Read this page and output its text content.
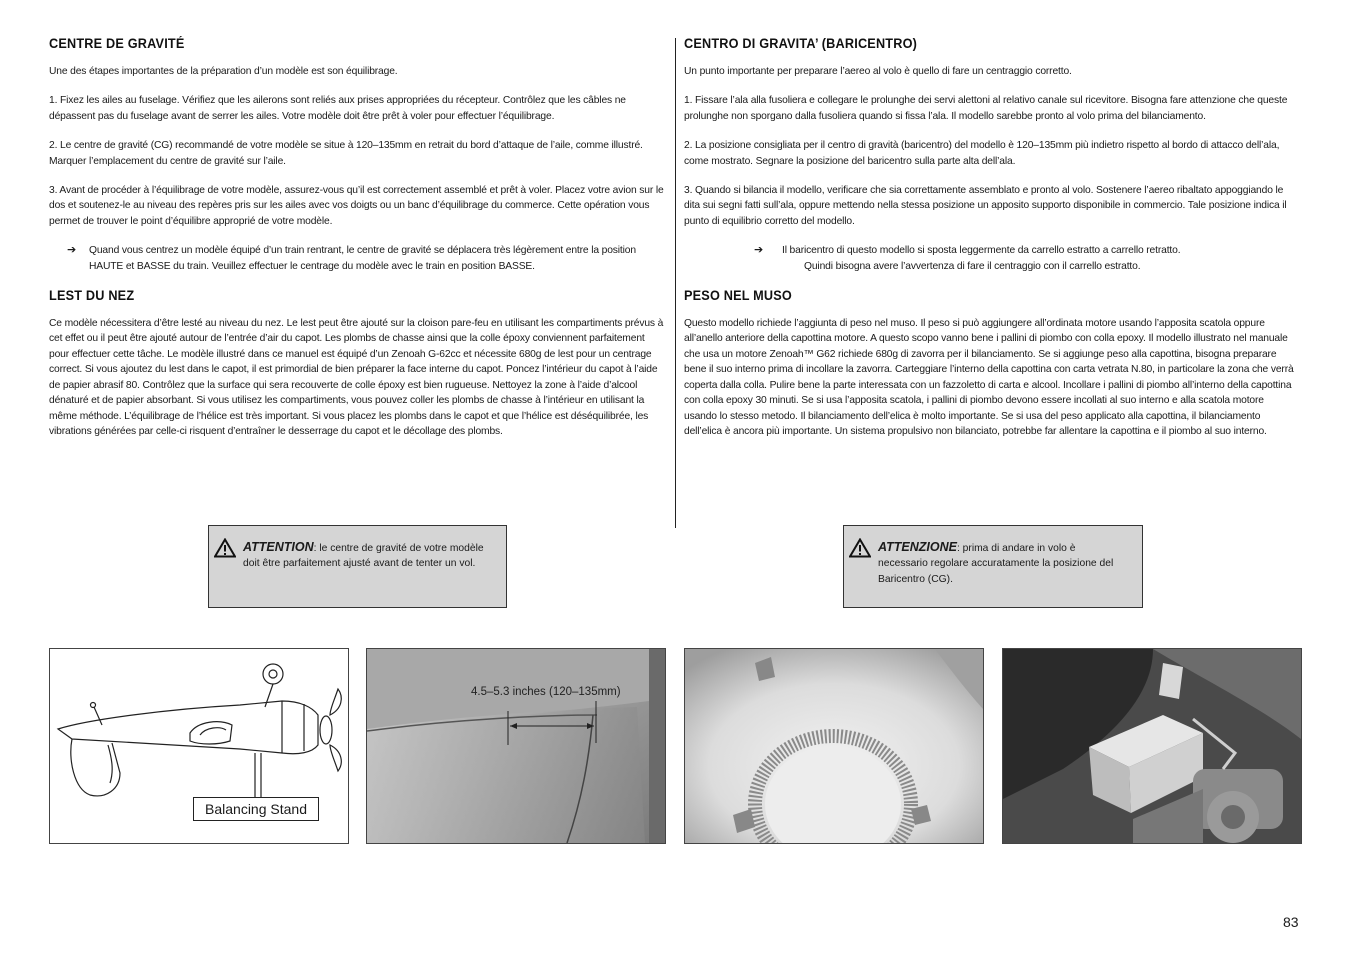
CENTRE DE GRAVITÉ

Une des étapes importantes de la préparation d’un modèle est son équilibrage.

1. Fixez les ailes au fuselage. Vérifiez que les ailerons sont reliés aux prises appropriées du récepteur. Contrôlez que les câbles ne dépassent pas du fuselage avant de serrer les ailes. Votre modèle doit être prêt à voler pour effectuer l’équilibrage.

2. Le centre de gravité (CG) recommandé de votre modèle se situe à 120–135mm en retrait du bord d’attaque de l’aile, comme illustré. Marquer l’emplacement du centre de gravité sur l’aile.

3. Avant de procéder à l’équilibrage de votre modèle, assurez-vous qu’il est correctement assemblé et prêt à voler. Placez votre avion sur le dos et soutenez-le au niveau des repères pris sur les ailes avec vos doigts ou un banc d’équilibrage du commerce. Cette opération vous permet de trouver le point d’équilibre approprié de votre modèle.

➔ Quand vous centrez un modèle équipé d’un train rentrant, le centre de gravité se déplacera très légèrement entre la position HAUTE et BASSE du train. Veuillez effectuer le centrage du modèle avec le train en position BASSE.

LEST DU NEZ

Ce modèle nécessitera d’être lesté au niveau du nez. Le lest peut être ajouté sur la cloison pare-feu en utilisant les compartiments prévus à cet effet ou il peut être ajouté autour de l’entrée d’air du capot. Les plombs de chasse ainsi que la colle époxy conviennent parfaitement pour effectuer cette tâche. Le modèle illustré dans ce manuel est équipé d’un Zenoah G-62cc et nécessite 680g de lest pour un centrage correct. Si vous ajoutez du lest dans le capot, il est primordial de bien préparer la face interne du capot. Poncez l’intérieur du capot à l’aide de papier abrasif 80. Contrôlez que la surface qui sera recouverte de colle époxy est bien rugueuse. Nettoyez la zone à l’aide d’alcool dénaturé et de papier absorbant. Si vous utilisez les compartiments, vous pouvez coller les plombs de chasse à l’intérieur en utilisant la même méthode. L’équilibrage de l’hélice est très important. Si vous placez les plombs dans le capot et que l’hélice est déséquilibrée, les vibrations générées par celle-ci risquent d’entraîner le desserrage du capot et le décollage des plombs.

CENTRO DI GRAVITA’ (BARICENTRO)

Un punto importante per preparare l’aereo al volo è quello di fare un centraggio corretto.

1. Fissare l’ala alla fusoliera e collegare le prolunghe dei servi alettoni al relativo canale sul ricevitore. Bisogna fare attenzione che queste prolunghe non sporgano dalla fusoliera quando si fissa l’ala. Il modello sarebbe pronto al volo prima del bilanciamento.

2. La posizione consigliata per il centro di gravità (baricentro) del modello è 120–135mm più indietro rispetto al bordo di attacco dell’ala, come mostrato. Segnare la posizione del baricentro sulla parte alta dell’ala.

3. Quando si bilancia il modello, verificare che sia correttamente assemblato e pronto al volo. Sostenere l’aereo ribaltato appoggiando le dita sui segni fatti sull’ala, oppure mettendo nella stessa posizione un apposito supporto disponibile in commercio. Tale posizione indica il punto di equilibrio corretto del modello.

➔ Il baricentro di questo modello si sposta leggermente da carrello estratto a carrello retratto.
Quindi bisogna avere l’avvertenza di fare il centraggio con il carrello estratto.

PESO NEL MUSO

Questo modello richiede l’aggiunta di peso nel muso. Il peso si può aggiungere all’ordinata motore usando l’apposita scatola oppure all’anello anteriore della capottina motore. A questo scopo vanno bene i pallini di piombo con colla epoxy. Il modello illustrato nel manuale che usa un motore Zenoah™ G62 richiede 680g di zavorra per il bilanciamento. Se si aggiunge peso alla capottina, bisogna preparare bene il suo interno prima di incollare la zavorra. Carteggiare l’interno della capottina con carta vetrata N.80, in particolare la zona che verrà coperta dalla colla. Pulire bene la parte interessata con un fazzoletto di carta e alcool. Incollare i pallini di piombo all’interno della capottina con colla epoxy 30 minuti. Se si usa l’apposita scatola, i pallini di piombo devono essere incollati al suo interno e alla scatola motore usando lo stesso metodo. Il bilanciamento dell’elica è molto importante. Se si usa del peso applicato alla capottina, il bilanciamento dell’elica è ancora più importante. Un sistema propulsivo non bilanciato, potrebbe far allentare la capottina e il piombo al suo interno.

ATTENTION: le centre de gravité de votre modèle doit être parfaitement ajusté avant de tenter un vol.
ATTENZIONE: prima di andare in volo è necessario regolare accuratamente la posizione del Baricentro (CG).
Balancing Stand
4.5–5.3 inches (120–135mm)
83
